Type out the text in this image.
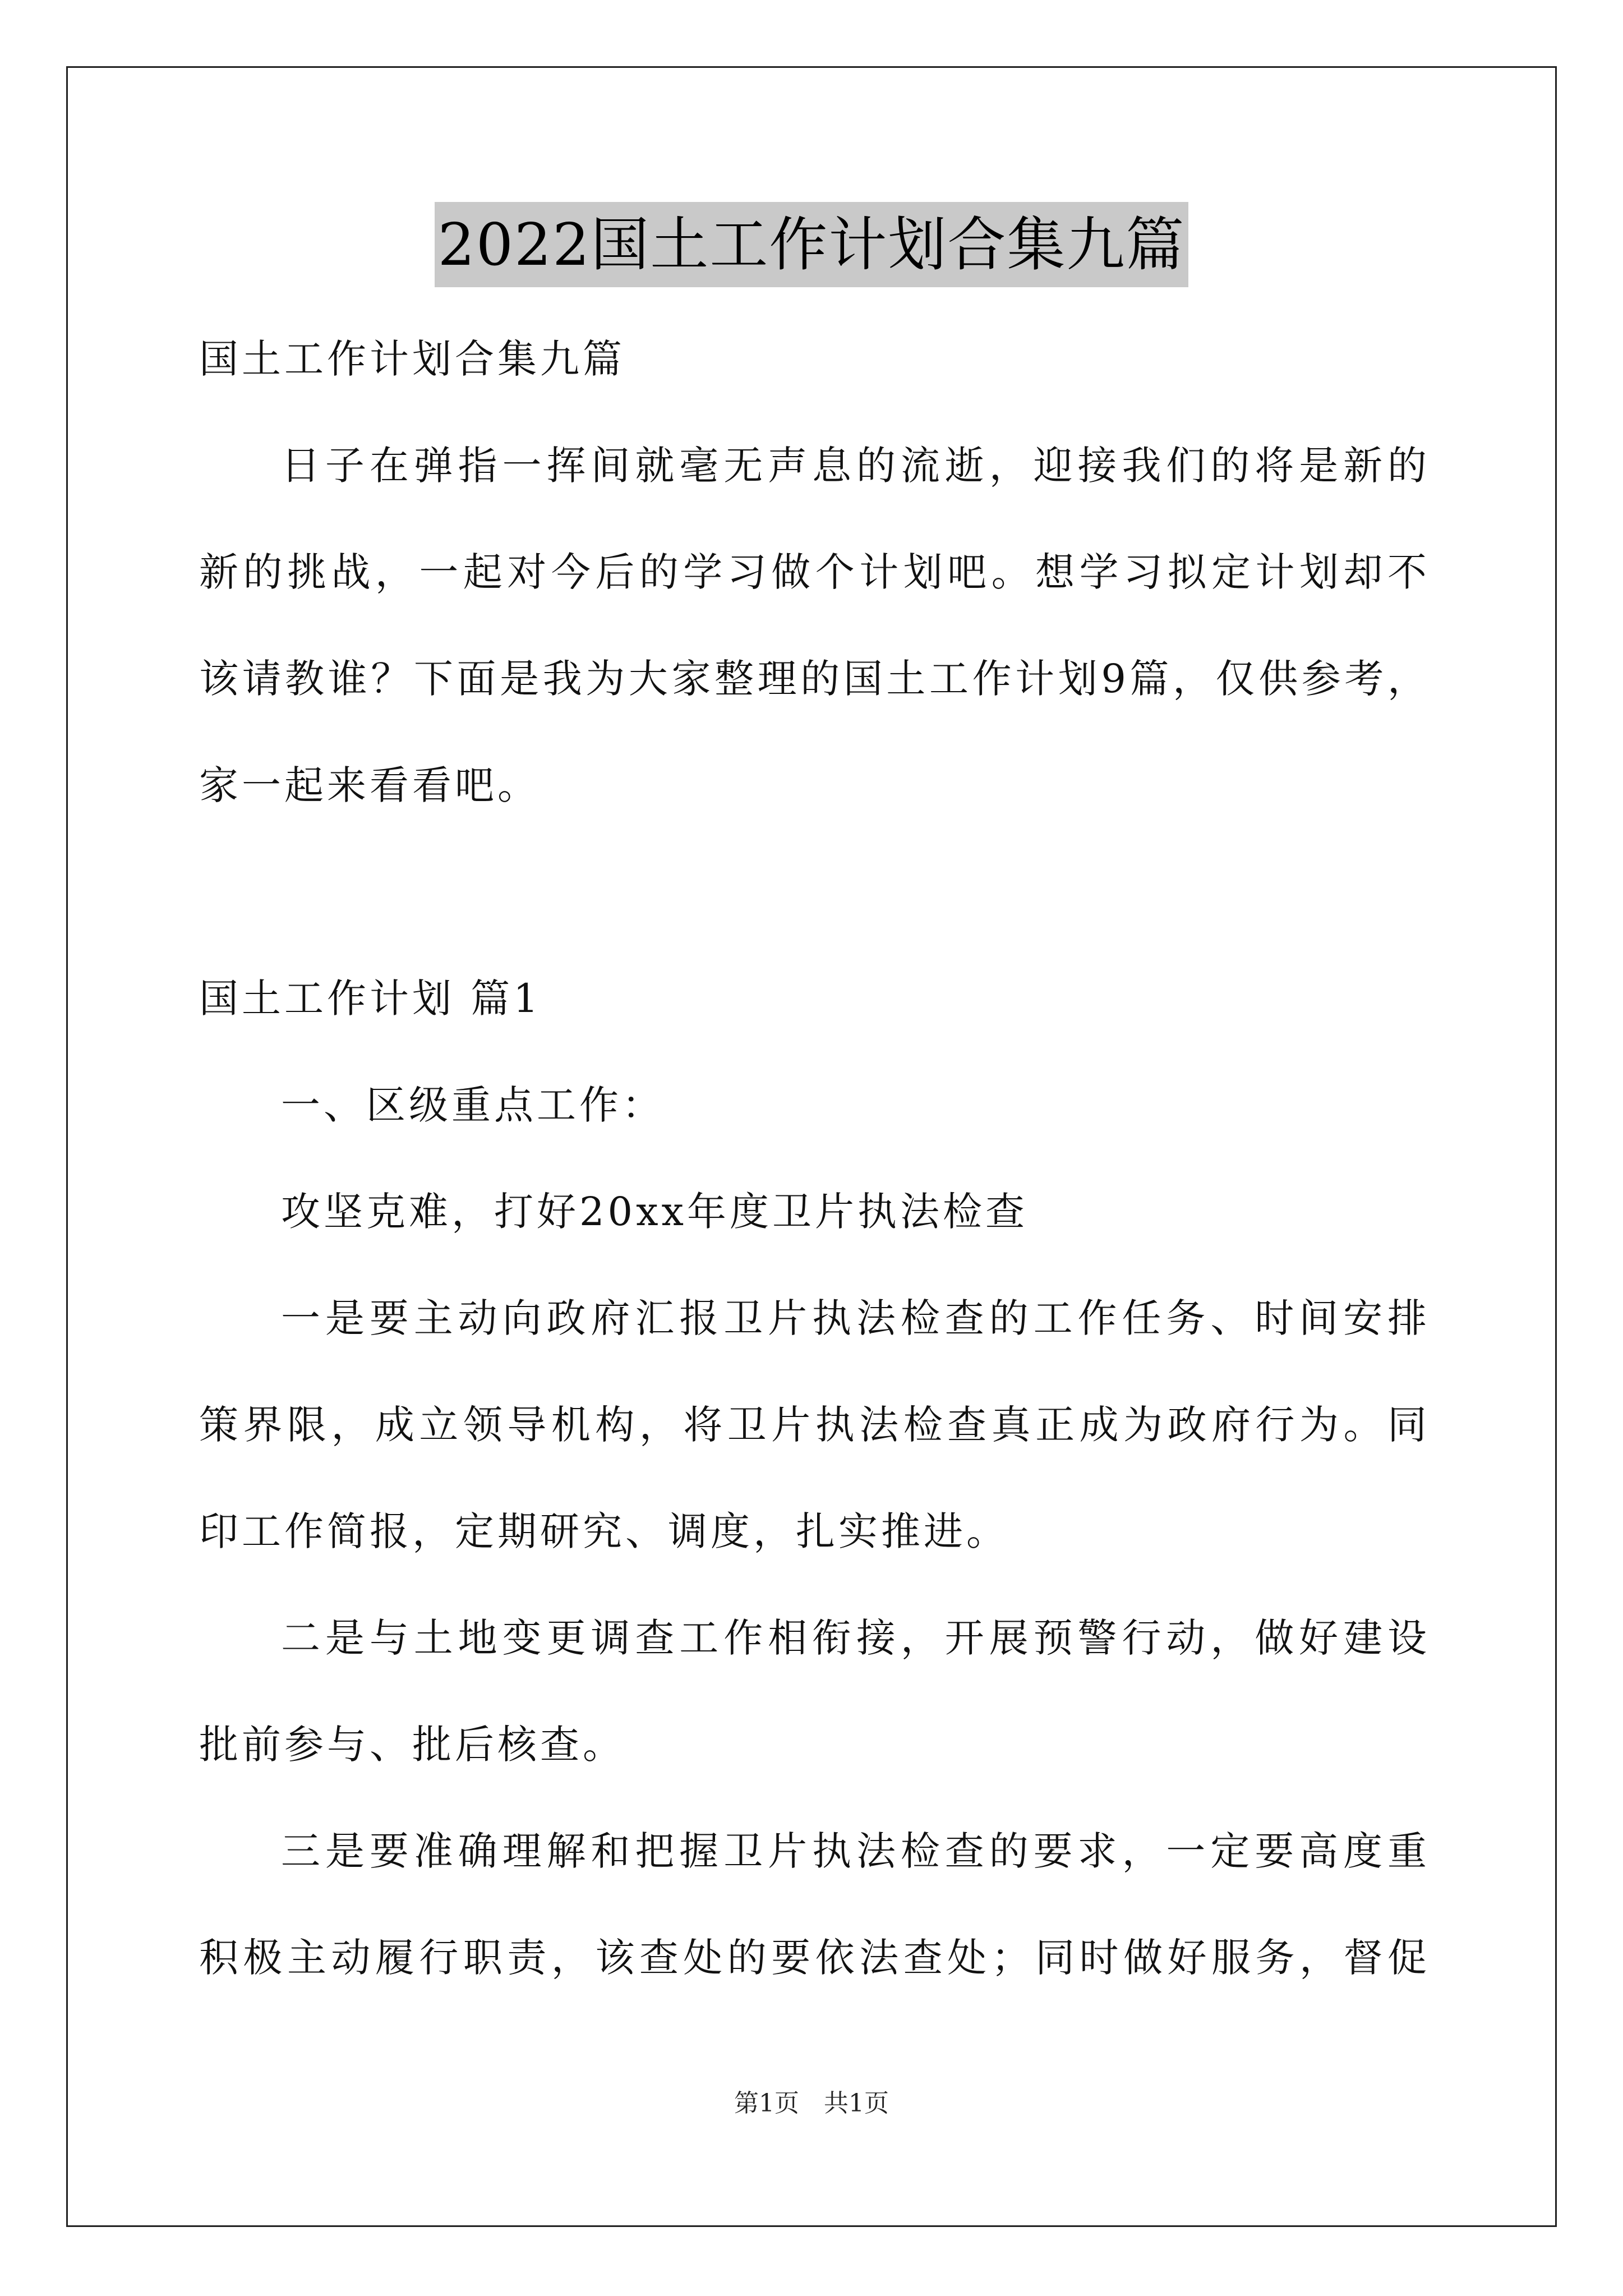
2022国土工作计划合集九篇
国土工作计划合集九篇
日子在弹指一挥间就毫无声息的流逝，迎接我们的将是新的
新的挑战，一起对今后的学习做个计划吧。想学习拟定计划却不
该请教谁？下面是我为大家整理的国土工作计划9篇，仅供参考，
家一起来看看吧。
国土工作计划 篇1
一、区级重点工作：
攻坚克难，打好20xx年度卫片执法检查
一是要主动向政府汇报卫片执法检查的工作任务、时间安排
策界限，成立领导机构，将卫片执法检查真正成为政府行为。同
印工作简报，定期研究、调度，扎实推进。
二是与土地变更调查工作相衔接，开展预警行动，做好建设
批前参与、批后核查。
三是要准确理解和把握卫片执法检查的要求，一定要高度重
积极主动履行职责，该查处的要依法查处；同时做好服务，督促
第1页　共1页
